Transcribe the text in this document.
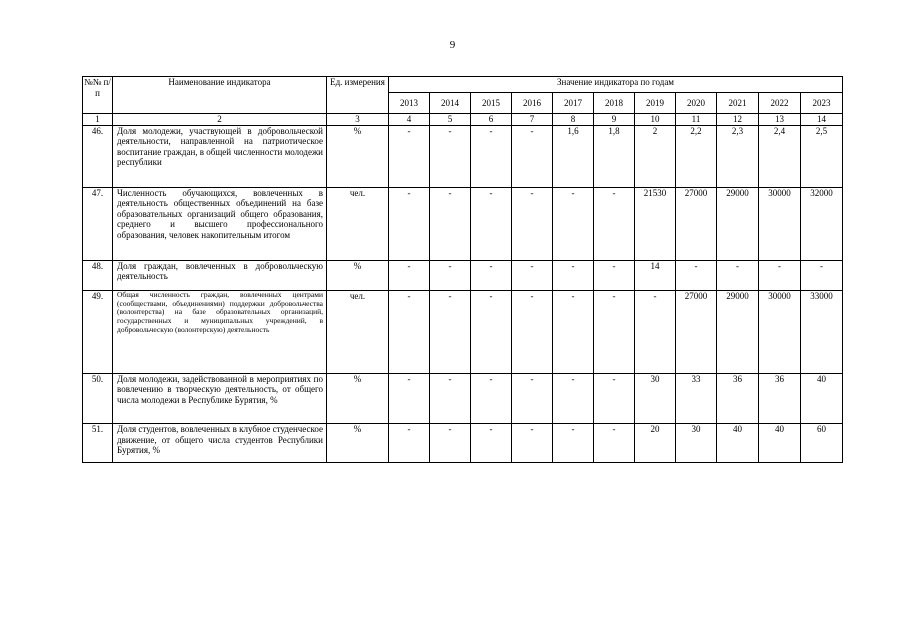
9
№№ п/п	Наименование индикатора	Ед. измерения	Значение индикатора по годам										
			2013	2014	2015	2016	2017	2018	2019	2020	2021	2022	2023
1	2	3	4	5	6	7	8	9	10	11	12	13	14
46.	Доля молодежи, участвующей в добровольческой деятельности, направленной на патриотическое воспитание граждан, в общей численности молодежи республики	%	-	-	-	-	1,6	1,8	2	2,2	2,3	2,4	2,5
47.	Численность обучающихся, вовлеченных в деятельность общественных объединений на базе образовательных организаций общего образования, среднего и высшего профессионального образования, человек накопительным итогом	чел.	-	-	-	-	-	-	21530	27000	29000	30000	32000
48.	Доля граждан, вовлеченных в добровольческую деятельность	%	-	-	-	-	-	-	14	-	-	-	-
49.	Общая численность граждан, вовлеченных центрами (сообществами, объединениями) поддержки добровольчества (волонтерства) на базе образовательных организаций, государственных и муниципальных учреждений, в добровольческую (волонтерскую) деятельность	чел.	-	-	-	-	-	-	-	27000	29000	30000	33000
50.	Доля молодежи, задействованной в мероприятиях по вовлечению в творческую деятельность, от общего числа молодежи в Республике Бурятия, %	%	-	-	-	-	-	-	30	33	36	36	40
51.	Доля студентов, вовлеченных в клубное студенческое движение, от общего числа студентов Республики Бурятия, %	%	-	-	-	-	-	-	20	30	40	40	60
